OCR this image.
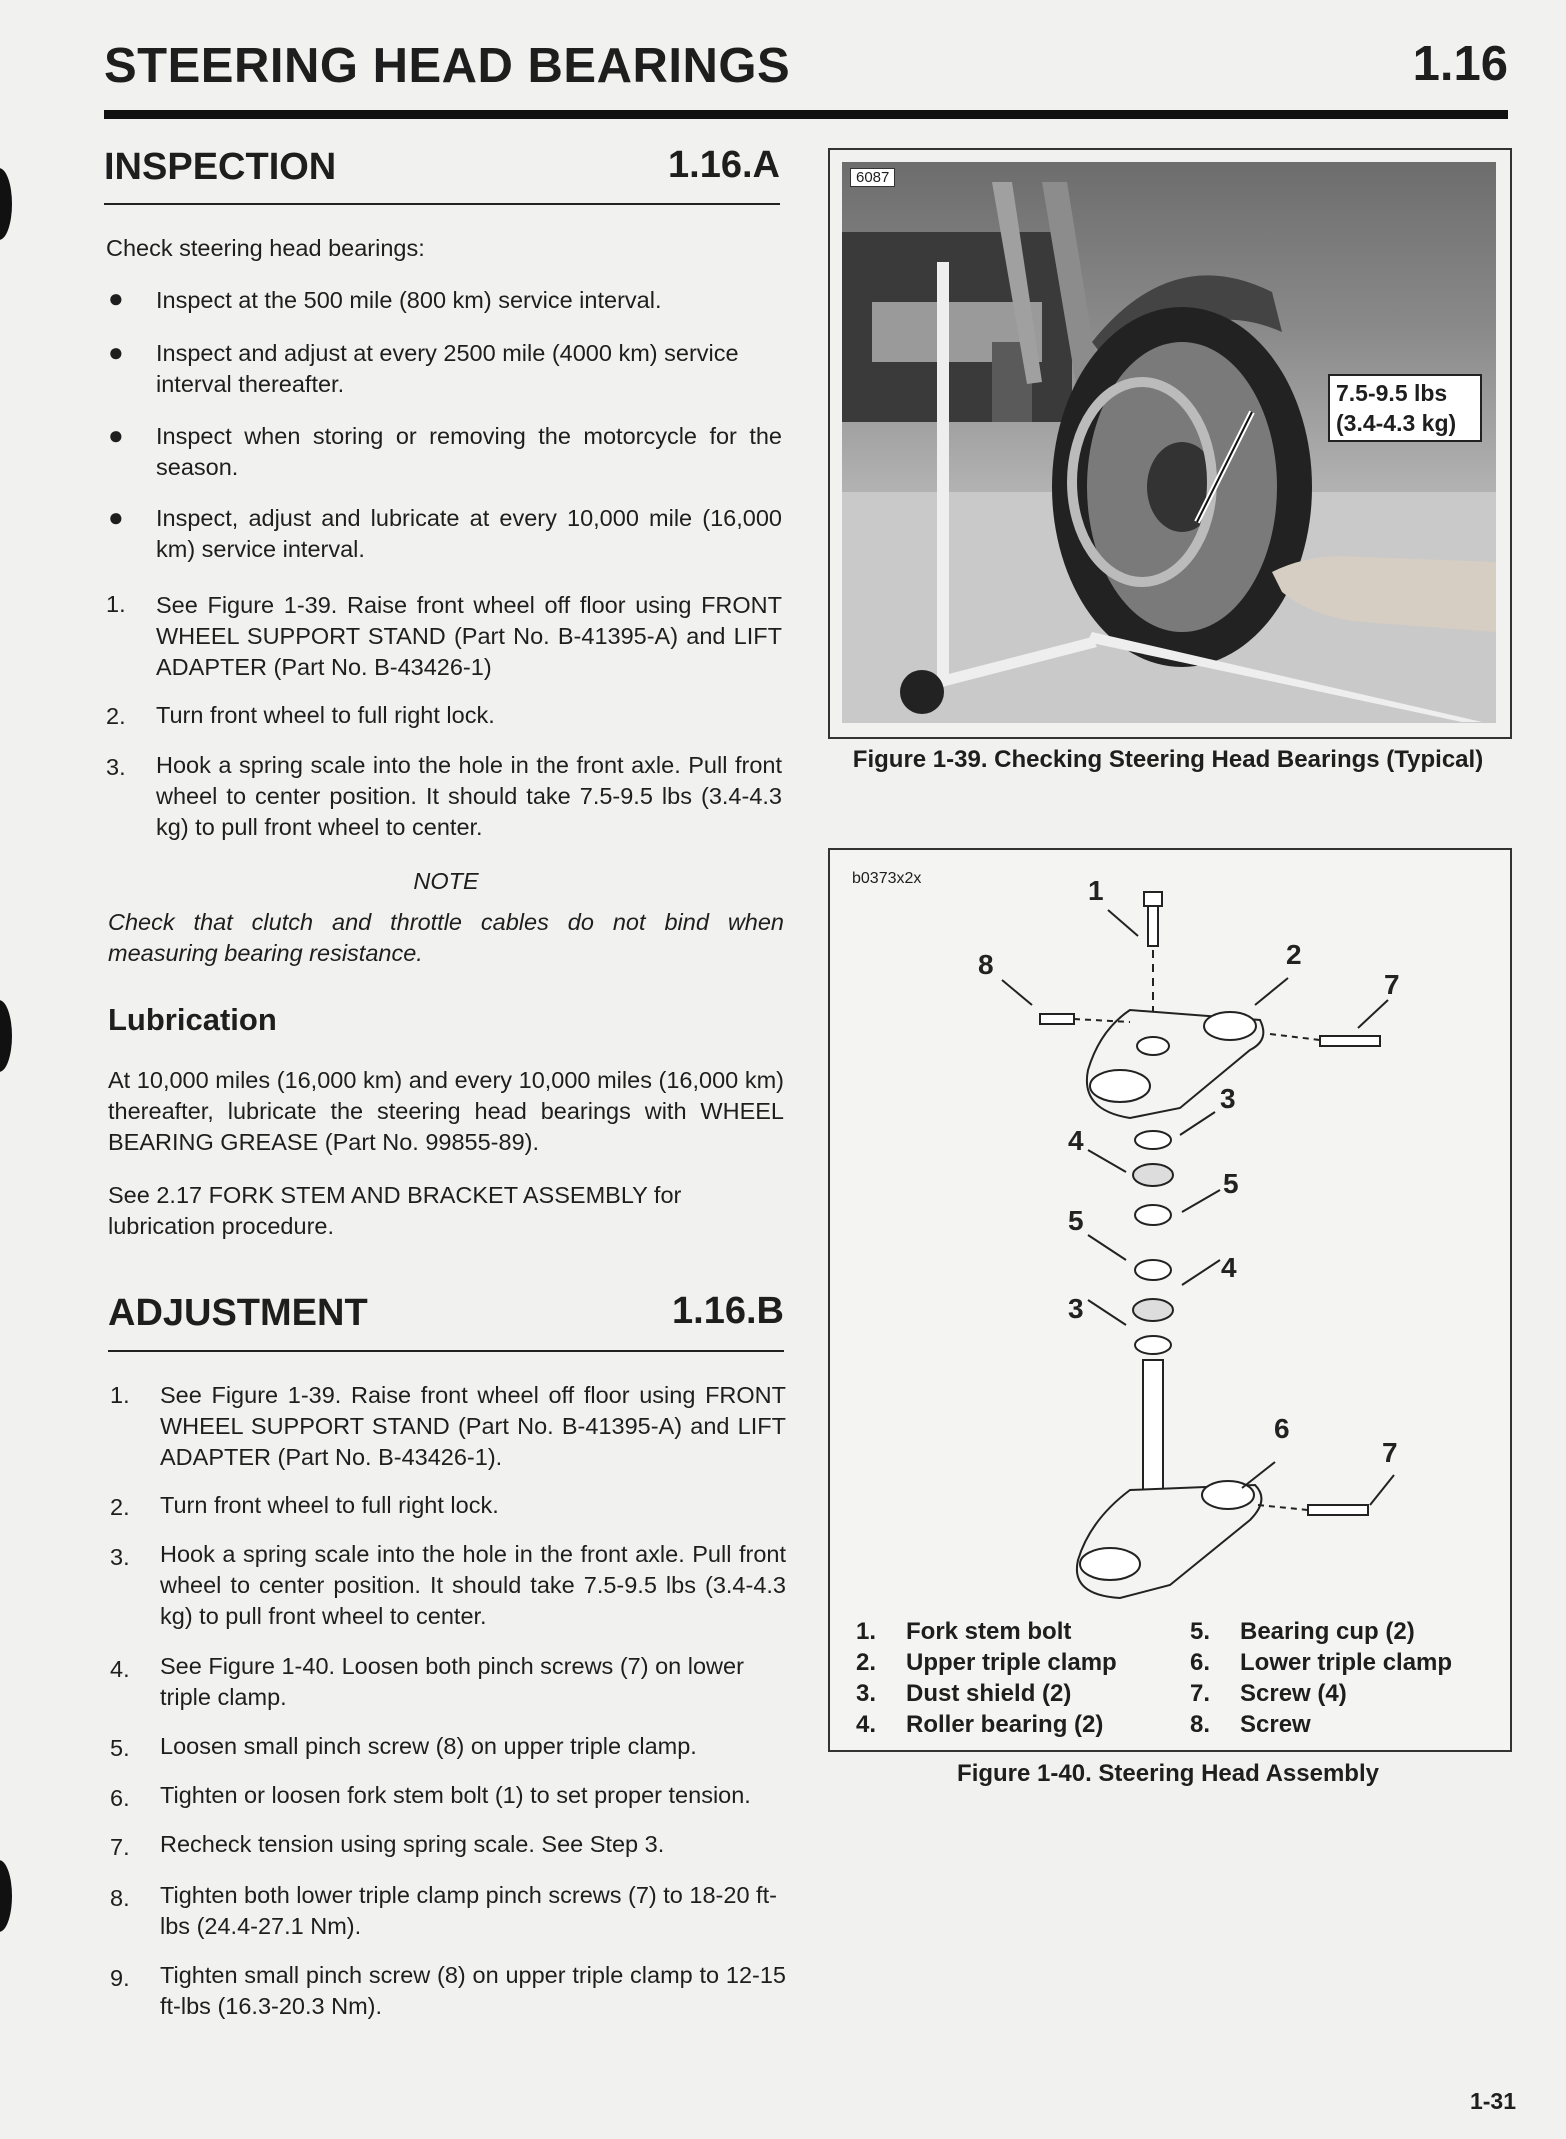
STEERING HEAD BEARINGS	1.16
INSPECTION	1.16.A
Check steering head bearings:
● Inspect at the 500 mile (800 km) service interval.
● Inspect and adjust at every 2500 mile (4000 km) service interval thereafter.
● Inspect when storing or removing the motorcycle for the season.
● Inspect, adjust and lubricate at every 10,000 mile (16,000 km) service interval.
1. See Figure 1-39. Raise front wheel off floor using FRONT WHEEL SUPPORT STAND (Part No. B-41395-A) and LIFT ADAPTER (Part No. B-43426-1)
2. Turn front wheel to full right lock.
3. Hook a spring scale into the hole in the front axle. Pull front wheel to center position. It should take 7.5-9.5 lbs (3.4-4.3 kg) to pull front wheel to center.
NOTE
Check that clutch and throttle cables do not bind when measuring bearing resistance.
Lubrication
At 10,000 miles (16,000 km) and every 10,000 miles (16,000 km) thereafter, lubricate the steering head bearings with WHEEL BEARING GREASE (Part No. 99855-89).
See 2.17 FORK STEM AND BRACKET ASSEMBLY for lubrication procedure.
ADJUSTMENT	1.16.B
1. See Figure 1-39. Raise front wheel off floor using FRONT WHEEL SUPPORT STAND (Part No. B-41395-A) and LIFT ADAPTER (Part No. B-43426-1).
2. Turn front wheel to full right lock.
3. Hook a spring scale into the hole in the front axle. Pull front wheel to center position. It should take 7.5-9.5 lbs (3.4-4.3 kg) to pull front wheel to center.
4. See Figure 1-40. Loosen both pinch screws (7) on lower triple clamp.
5. Loosen small pinch screw (8) on upper triple clamp.
6. Tighten or loosen fork stem bolt (1) to set proper tension.
7. Recheck tension using spring scale. See Step 3.
8. Tighten both lower triple clamp pinch screws (7) to 18-20 ft-lbs (24.4-27.1 Nm).
9. Tighten small pinch screw (8) on upper triple clamp to 12-15 ft-lbs (16.3-20.3 Nm).
6087
7.5-9.5 lbs
(3.4-4.3 kg)
Figure 1-39. Checking Steering Head Bearings (Typical)
b0373x2x	1
8	2
7
3
4
5
5
4
3
6
7
1. Fork stem bolt	5. Bearing cup (2)
2. Upper triple clamp	6. Lower triple clamp
3. Dust shield (2)	7. Screw (4)
4. Roller bearing (2)	8. Screw
Figure 1-40. Steering Head Assembly
1-31
